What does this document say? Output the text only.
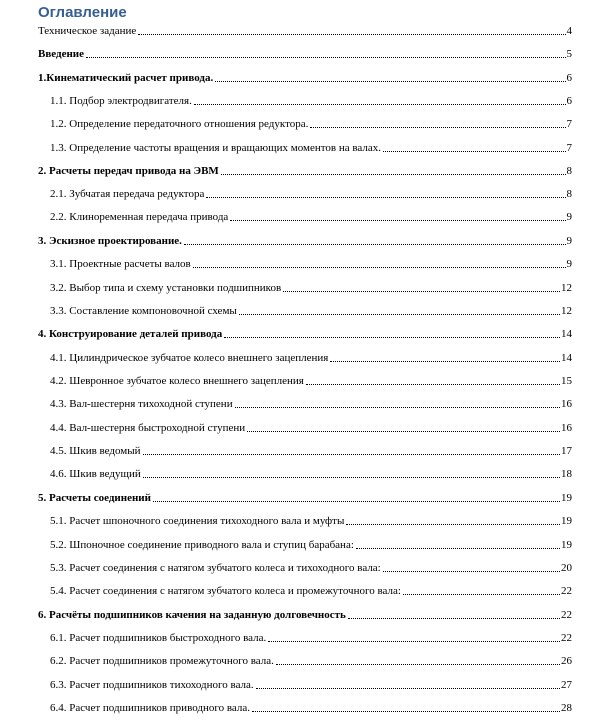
Оглавление
Техническое задание	4
Введение	5
1.Кинематический расчет привода.	6
1.1. Подбор электродвигателя.	6
1.2. Определение передаточного отношения редуктора.	7
1.3. Определение частоты вращения и вращающих моментов на валах.	7
2. Расчеты передач привода на ЭВМ	8
2.1. Зубчатая передача редуктора	8
2.2. Клиноременная передача привода	9
3. Эскизное проектирование.	9
3.1. Проектные расчеты валов	9
3.2. Выбор типа и схему установки подшипников	12
3.3. Составление компоновочной схемы	12
4. Конструирование деталей привода	14
4.1. Цилиндрическое зубчатое колесо внешнего зацепления	14
4.2. Шевронное зубчатое колесо внешнего зацепления	15
4.3. Вал-шестерня тихоходной ступени	16
4.4. Вал-шестерня быстроходной ступени	16
4.5. Шкив ведомый	17
4.6. Шкив ведущий	18
5. Расчеты соединений	19
5.1. Расчет шпоночного соединения тихоходного вала и муфты	19
5.2. Шпоночное соединение приводного вала и ступиц барабана:	19
5.3. Расчет соединения с натягом зубчатого колеса и тихоходного вала:	20
5.4. Расчет соединения с натягом зубчатого колеса и промежуточного вала:	22
6. Расчёты подшипников качения на заданную долговечность	22
6.1. Расчет подшипников быстроходного вала.	22
6.2. Расчет подшипников промежуточного вала.	26
6.3. Расчет подшипников тихоходного вала.	27
6.4. Расчет подшипников приводного вала.	28
